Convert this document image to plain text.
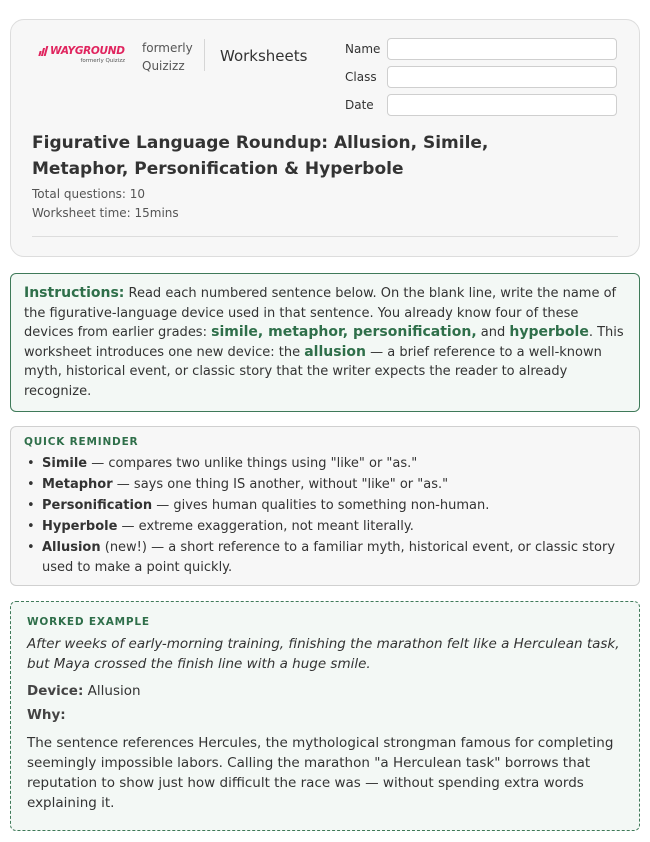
WAYGROUND
formerly Quizizz
formerly
Quizizz
Worksheets	Name
Class
Date
Figurative Language Roundup: Allusion, Simile, Metaphor, Personification & Hyperbole
Total questions: 10
Worksheet time: 15mins
Instructions: Read each numbered sentence below. On the blank line, write the name of the figurative-language device used in that sentence. You already know four of these devices from earlier grades: simile, metaphor, personification, and hyperbole. This worksheet introduces one new device: the allusion — a brief reference to a well-known myth, historical event, or classic story that the writer expects the reader to already recognize.
QUICK REMINDER
• Simile — compares two unlike things using "like" or "as."
• Metaphor — says one thing IS another, without "like" or "as."
• Personification — gives human qualities to something non-human.
• Hyperbole — extreme exaggeration, not meant literally.
• Allusion (new!) — a short reference to a familiar myth, historical event, or classic story used to make a point quickly.
WORKED EXAMPLE
After weeks of early-morning training, finishing the marathon felt like a Herculean task, but Maya crossed the finish line with a huge smile.
Device: Allusion
Why:
The sentence references Hercules, the mythological strongman famous for completing seemingly impossible labors. Calling the marathon "a Herculean task" borrows that reputation to show just how difficult the race was — without spending extra words explaining it.
